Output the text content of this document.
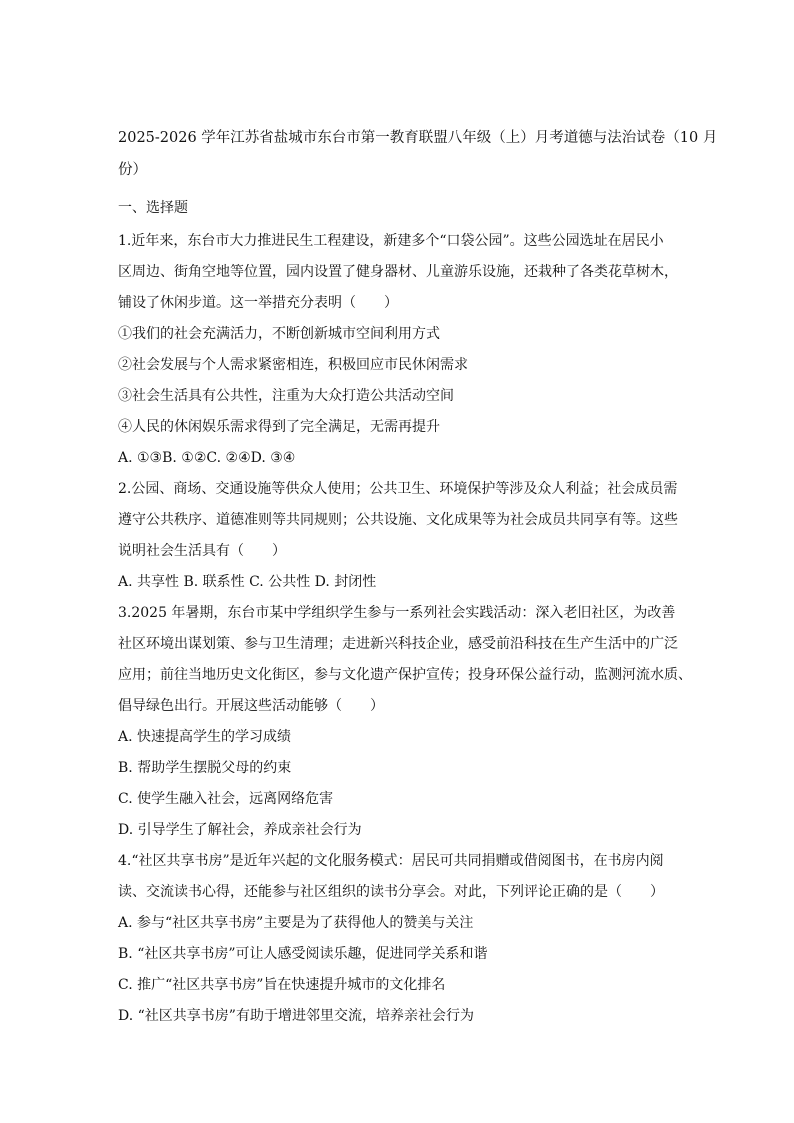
2025-2026 学年江苏省盐城市东台市第一教育联盟八年级（上）月考道德与法治试卷（10 月
份）
一、选择题
1.近年来，东台市大力推进民生工程建设，新建多个“口袋公园”。这些公园选址在居民小
区周边、街角空地等位置，园内设置了健身器材、儿童游乐设施，还栽种了各类花草树木，
铺设了休闲步道。这一举措充分表明（　　）
①我们的社会充满活力，不断创新城市空间利用方式
②社会发展与个人需求紧密相连，积极回应市民休闲需求
③社会生活具有公共性，注重为大众打造公共活动空间
④人民的休闲娱乐需求得到了完全满足，无需再提升
A. ①③B. ①②C. ②④D. ③④
2.公园、商场、交通设施等供众人使用；公共卫生、环境保护等涉及众人利益；社会成员需
遵守公共秩序、道德准则等共同规则；公共设施、文化成果等为社会成员共同享有等。这些
说明社会生活具有（　　）
A. 共享性 B. 联系性 C. 公共性 D. 封闭性
3.2025 年暑期，东台市某中学组织学生参与一系列社会实践活动：深入老旧社区，为改善
社区环境出谋划策、参与卫生清理；走进新兴科技企业，感受前沿科技在生产生活中的广泛
应用；前往当地历史文化街区，参与文化遗产保护宣传；投身环保公益行动，监测河流水质、
倡导绿色出行。开展这些活动能够（　　）
A. 快速提高学生的学习成绩
B. 帮助学生摆脱父母的约束
C. 使学生融入社会，远离网络危害
D. 引导学生了解社会，养成亲社会行为
4.“社区共享书房”是近年兴起的文化服务模式：居民可共同捐赠或借阅图书，在书房内阅
读、交流读书心得，还能参与社区组织的读书分享会。对此，下列评论正确的是（　　）
A. 参与“社区共享书房”主要是为了获得他人的赞美与关注
B. “社区共享书房”可让人感受阅读乐趣，促进同学关系和谐
C. 推广“社区共享书房”旨在快速提升城市的文化排名
D. “社区共享书房”有助于增进邻里交流，培养亲社会行为
